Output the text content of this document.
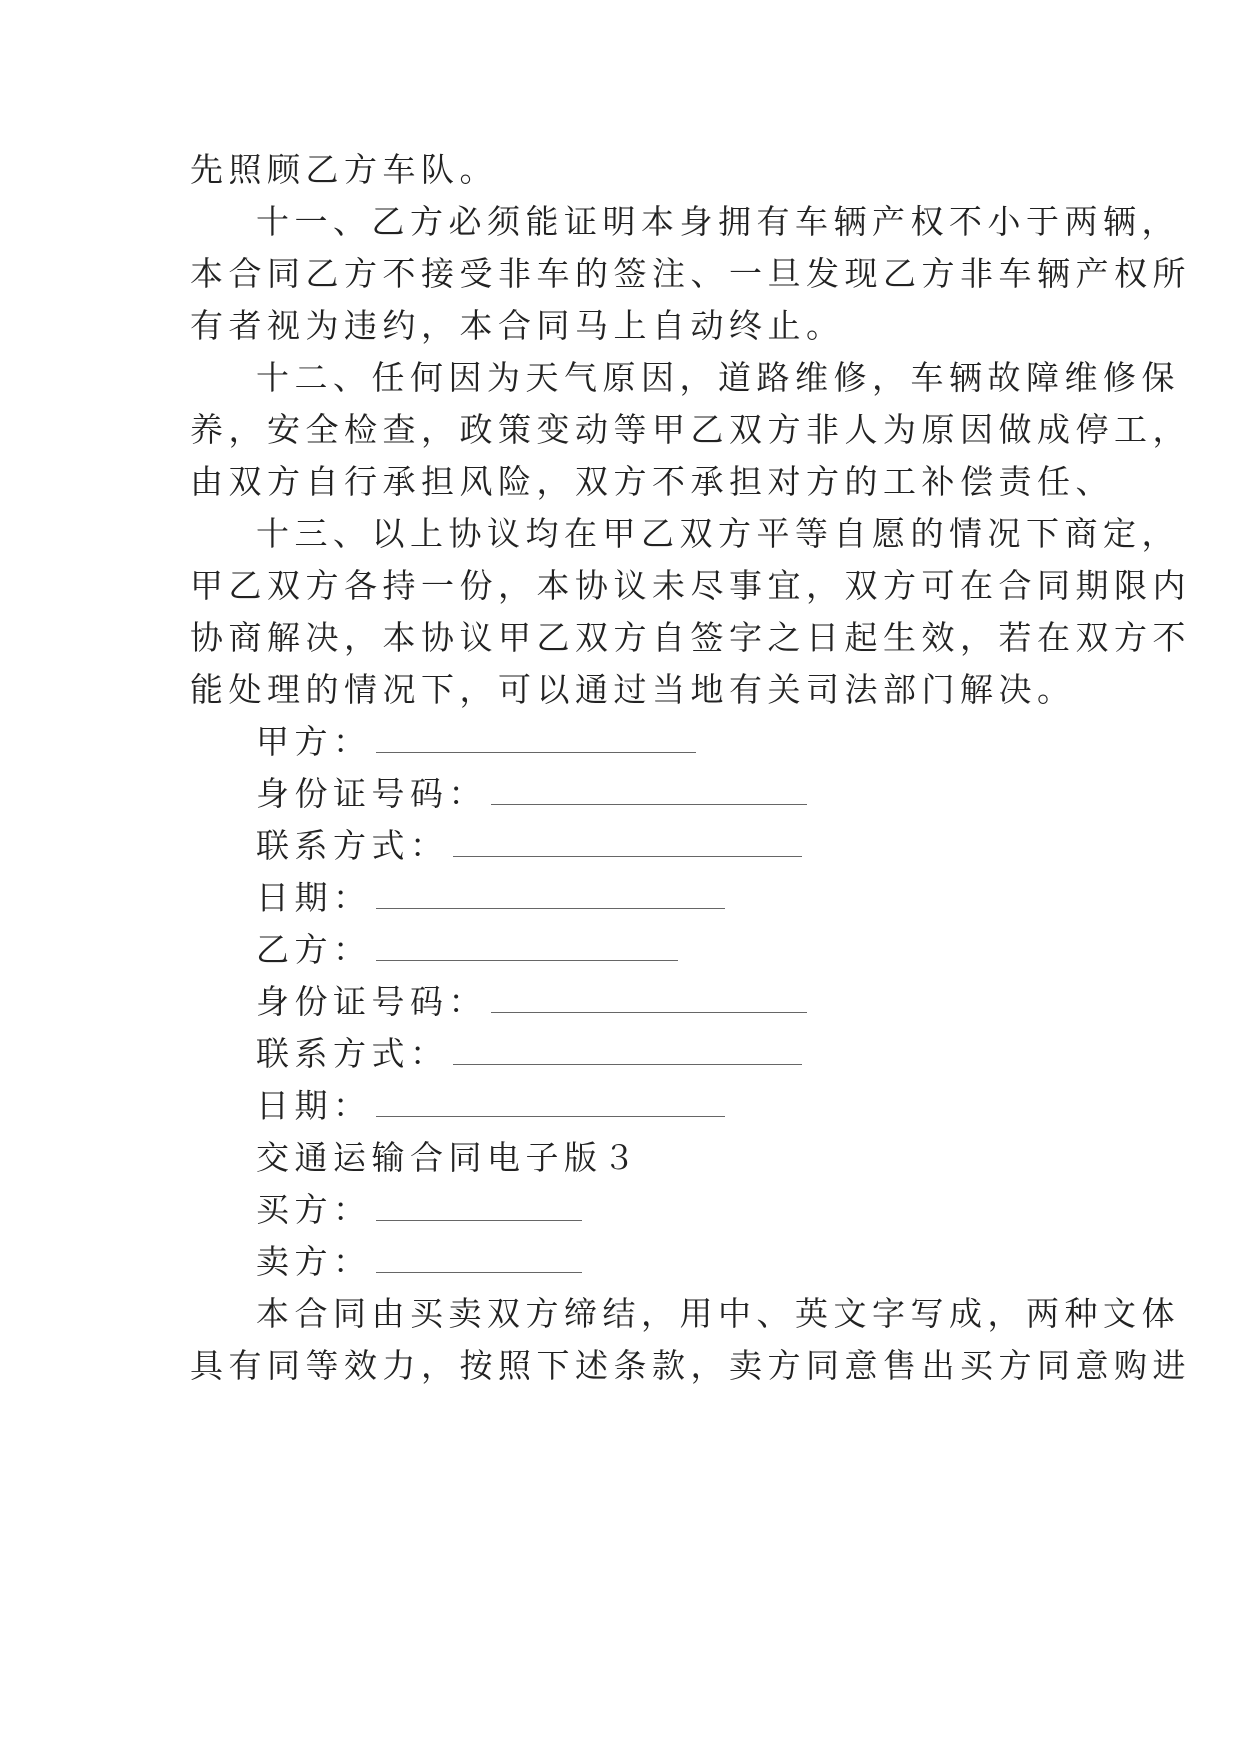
先照顾乙方车队。
十一、乙方必须能证明本身拥有车辆产权不小于两辆，
本合同乙方不接受非车的签注、一旦发现乙方非车辆产权所
有者视为违约，本合同马上自动终止。
十二、任何因为天气原因，道路维修，车辆故障维修保
养，安全检查，政策变动等甲乙双方非人为原因做成停工，
由双方自行承担风险，双方不承担对方的工补偿责任、
十三、以上协议均在甲乙双方平等自愿的情况下商定，
甲乙双方各持一份，本协议未尽事宜，双方可在合同期限内
协商解决，本协议甲乙双方自签字之日起生效，若在双方不
能处理的情况下，可以通过当地有关司法部门解决。
甲方：
身份证号码：
联系方式：
日期：
乙方：
身份证号码：
联系方式：
日期：
交通运输合同电子版３
买方：
卖方：
本合同由买卖双方缔结，用中、英文字写成，两种文体
具有同等效力，按照下述条款，卖方同意售出买方同意购进
